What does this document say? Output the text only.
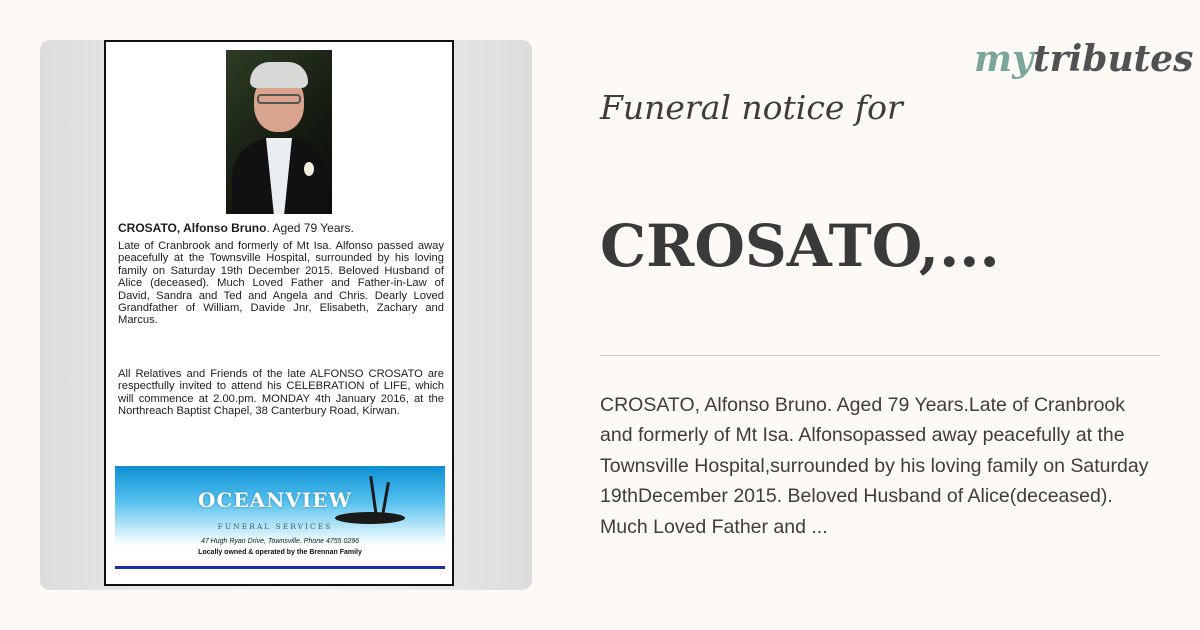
CROSATO, Alfonso Bruno. Aged 79 Years.

Late of Cranbrook and formerly of Mt Isa. Alfonso passed away peacefully at the Townsville Hospital, surrounded by his loving family on Saturday 19th December 2015. Beloved Husband of Alice (deceased). Much Loved Father and Father-in-Law of David, Sandra and Ted and Angela and Chris. Dearly Loved Grandfather of William, Davide Jnr, Elisabeth, Zachary and Marcus.

All Relatives and Friends of the late ALFONSO CROSATO are respectfully invited to attend his CELEBRATION of LIFE, which will commence at 2.00.pm. MONDAY 4th January 2016, at the Northreach Baptist Chapel, 38 Canterbury Road, Kirwan.

OCEANVIEW
FUNERAL SERVICES
47 Hugh Ryan Drive, Townsville. Phone 4755 0296
Locally owned & operated by the Brennan Family
mytributes
Funeral notice for
CROSATO,...

CROSATO, Alfonso Bruno. Aged 79 Years.Late of Cranbrook and formerly of Mt Isa. Alfonsopassed away peacefully at the Townsville Hospital,surrounded by his loving family on Saturday 19thDecember 2015. Beloved Husband of Alice(deceased). Much Loved Father and ...
